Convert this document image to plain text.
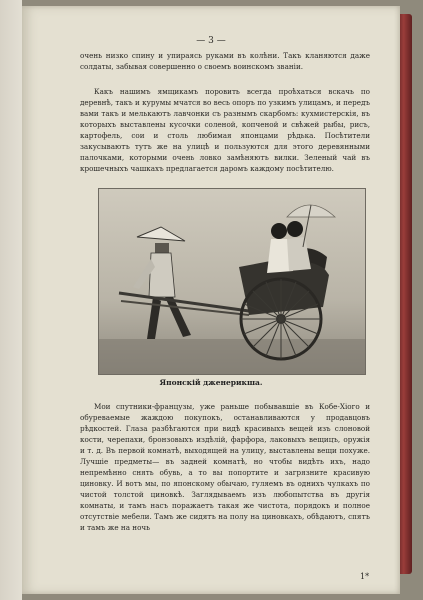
— 3 —

очень низко спину и упираясь руками въ колѣни. Такъ кланяются даже солдаты, забывая совершенно о своемъ воинскомъ званіи.

Какъ нашимъ ямщикамъ поровить всегда проѣхаться вскачь по деревнѣ, такъ и курумы мчатся во весь опоръ по узкимъ улицамъ, и передъ вами такъ и мелькаютъ лавчонки съ разнымъ скарбомъ: кухмистерскія, въ которыхъ выставлены кусочки соленой, копченой и свѣжей рыбы, рисъ, картофель, сои и столь любимая японцами рѣдька. Посѣтители закусываютъ тутъ же на улицѣ и пользуются для этого деревянными палочками, которыми очень ловко замѣняютъ вилки. Зеленый чай въ крошечныхъ чашкахъ предлагается даромъ каждому посѣтителю.

Японскій дженерикша.

Мои спутники-французы, уже раньше побывавшіе въ Кобе-Хіого и обуреваемые жаждою покупокъ, останавливаются у продавцовъ рѣдкостей. Глаза разбѣгаются при видѣ красивыхъ вещей изъ слоновой кости, черепахи, бронзовыхъ издѣлій, фарфора, лаковыхъ вещицъ, оружія и т. д. Въ первой комнатѣ, выходящей на улицу, выставлены вещи похуже. Лучшіе предметы— въ задней комнатѣ, но чтобы видѣть ихъ, надо непремѣнно снять обувь, а то вы попортите и загрязните красивую циновку. И вотъ мы, по японскому обычаю, гуляемъ въ однихъ чулкахъ по чистой толстой циновкѣ. Заглядываемъ изъ любопытства въ другія комнаты, и тамъ насъ поражаетъ такая же чистота, порядокъ и полное отсутствіе мебели. Тамъ же сидятъ на полу на циновкахъ, обѣдаютъ, спятъ и тамъ же на ночь

1*
